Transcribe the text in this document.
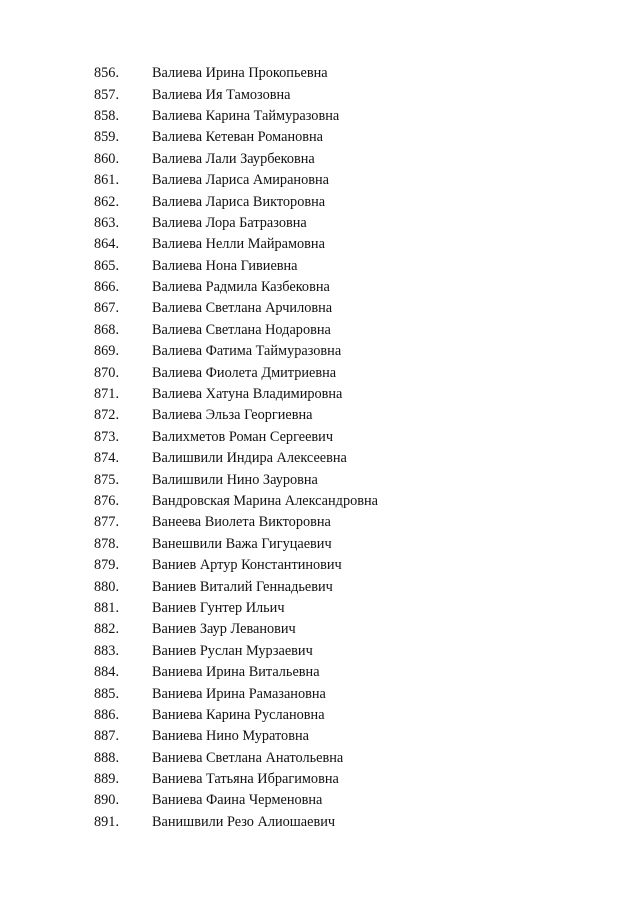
856.	Валиева Ирина Прокопьевна
857.	Валиева Ия Тамозовна
858.	Валиева Карина Таймуразовна
859.	Валиева Кетеван Романовна
860.	Валиева Лали Заурбековна
861.	Валиева Лариса Амирановна
862.	Валиева Лариса Викторовна
863.	Валиева Лора Батразовна
864.	Валиева Нелли Майрамовна
865.	Валиева Нона Гивиевна
866.	Валиева Радмила Казбековна
867.	Валиева Светлана Арчиловна
868.	Валиева Светлана Нодаровна
869.	Валиева Фатима Таймуразовна
870.	Валиева Фиолета Дмитриевна
871.	Валиева Хатуна Владимировна
872.	Валиева Эльза Георгиевна
873.	Валихметов Роман Сергеевич
874.	Валишвили Индира Алексеевна
875.	Валишвили Нино Зауровна
876.	Вандровская Марина Александровна
877.	Ванеева Виолета Викторовна
878.	Ванешвили Важа Гигуцаевич
879.	Ваниев Артур Константинович
880.	Ваниев Виталий Геннадьевич
881.	Ваниев Гунтер Ильич
882.	Ваниев Заур Леванович
883.	Ваниев Руслан Мурзаевич
884.	Ваниева Ирина Витальевна
885.	Ваниева Ирина Рамазановна
886.	Ваниева Карина Руслановна
887.	Ваниева Нино Муратовна
888.	Ваниева Светлана Анатольевна
889.	Ваниева Татьяна Ибрагимовна
890.	Ваниева Фаина Черменовна
891.	Ванишвили Резо Алиошаевич
